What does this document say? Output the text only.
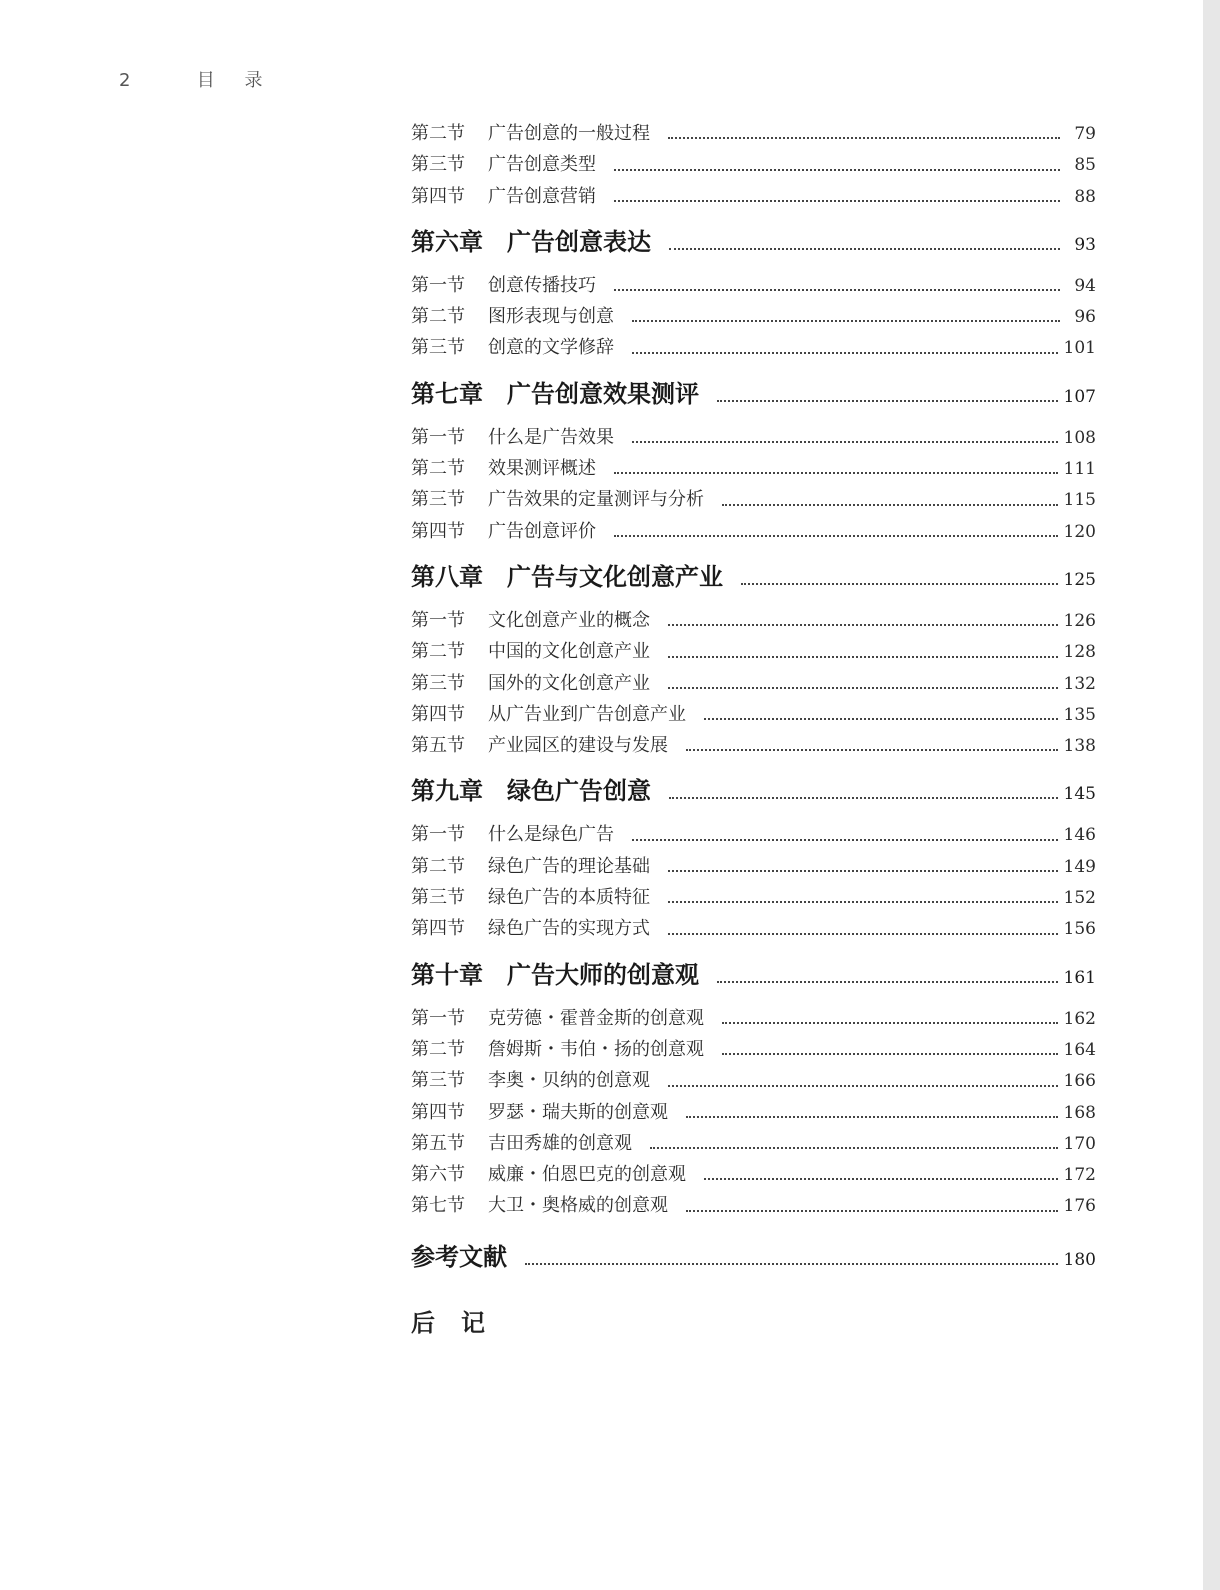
2	目 录
第二节	广告创意的一般过程	79
第三节	广告创意类型	85
第四节	广告创意营销	88
第六章	广告创意表达	93
第一节	创意传播技巧	94
第二节	图形表现与创意	96
第三节	创意的文学修辞	101
第七章	广告创意效果测评	107
第一节	什么是广告效果	108
第二节	效果测评概述	111
第三节	广告效果的定量测评与分析	115
第四节	广告创意评价	120
第八章	广告与文化创意产业	125
第一节	文化创意产业的概念	126
第二节	中国的文化创意产业	128
第三节	国外的文化创意产业	132
第四节	从广告业到广告创意产业	135
第五节	产业园区的建设与发展	138
第九章	绿色广告创意	145
第一节	什么是绿色广告	146
第二节	绿色广告的理论基础	149
第三节	绿色广告的本质特征	152
第四节	绿色广告的实现方式	156
第十章	广告大师的创意观	161
第一节	克劳德・霍普金斯的创意观	162
第二节	詹姆斯・韦伯・扬的创意观	164
第三节	李奥・贝纳的创意观	166
第四节	罗瑟・瑞夫斯的创意观	168
第五节	吉田秀雄的创意观	170
第六节	威廉・伯恩巴克的创意观	172
第七节	大卫・奥格威的创意观	176
参考文献	180
后记
